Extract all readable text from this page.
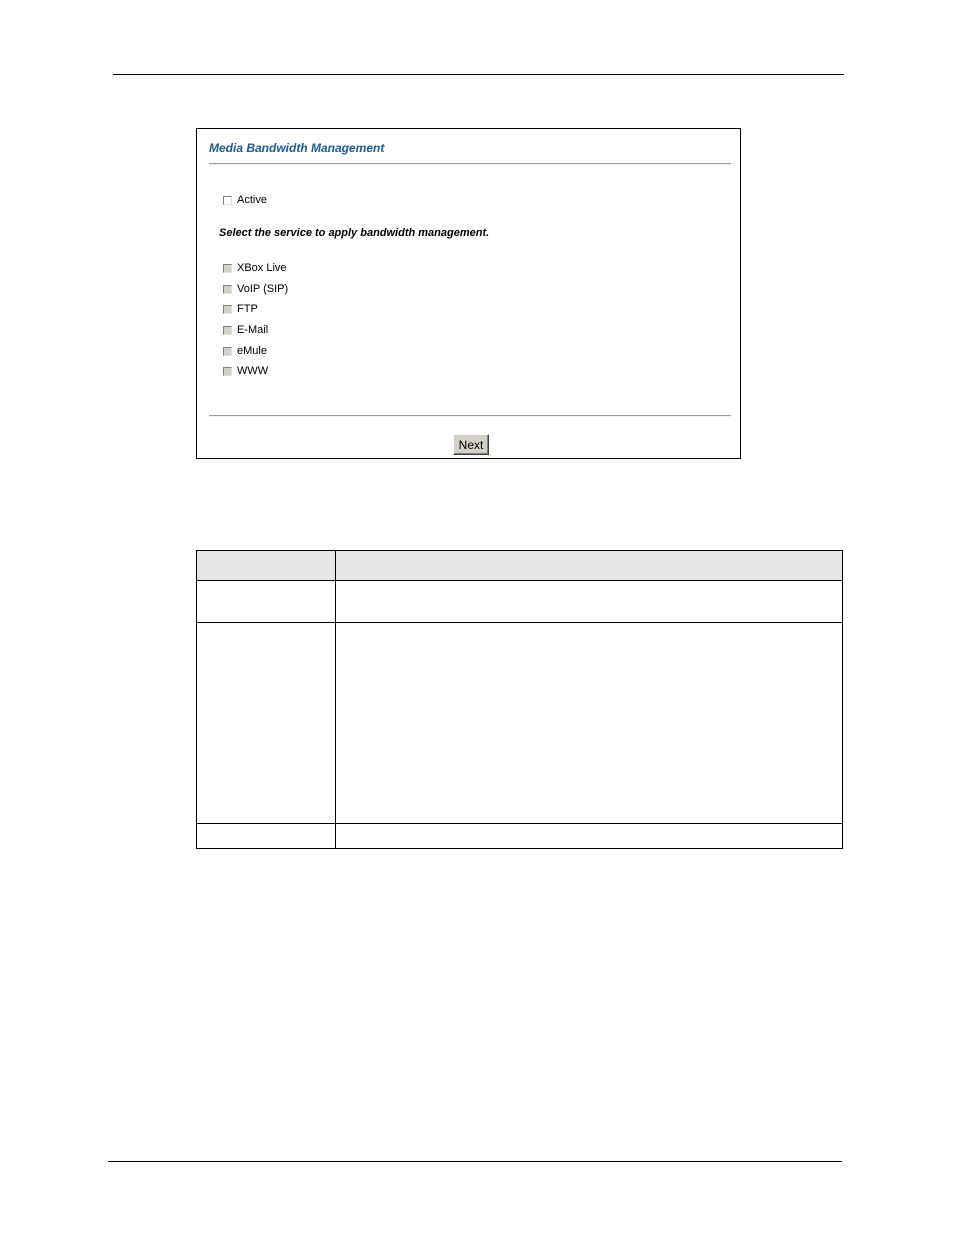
Media Bandwidth Management
Active
Select the service to apply bandwidth management.
XBox Live
VoIP (SIP)
FTP
E-Mail
eMule
WWW
Next
